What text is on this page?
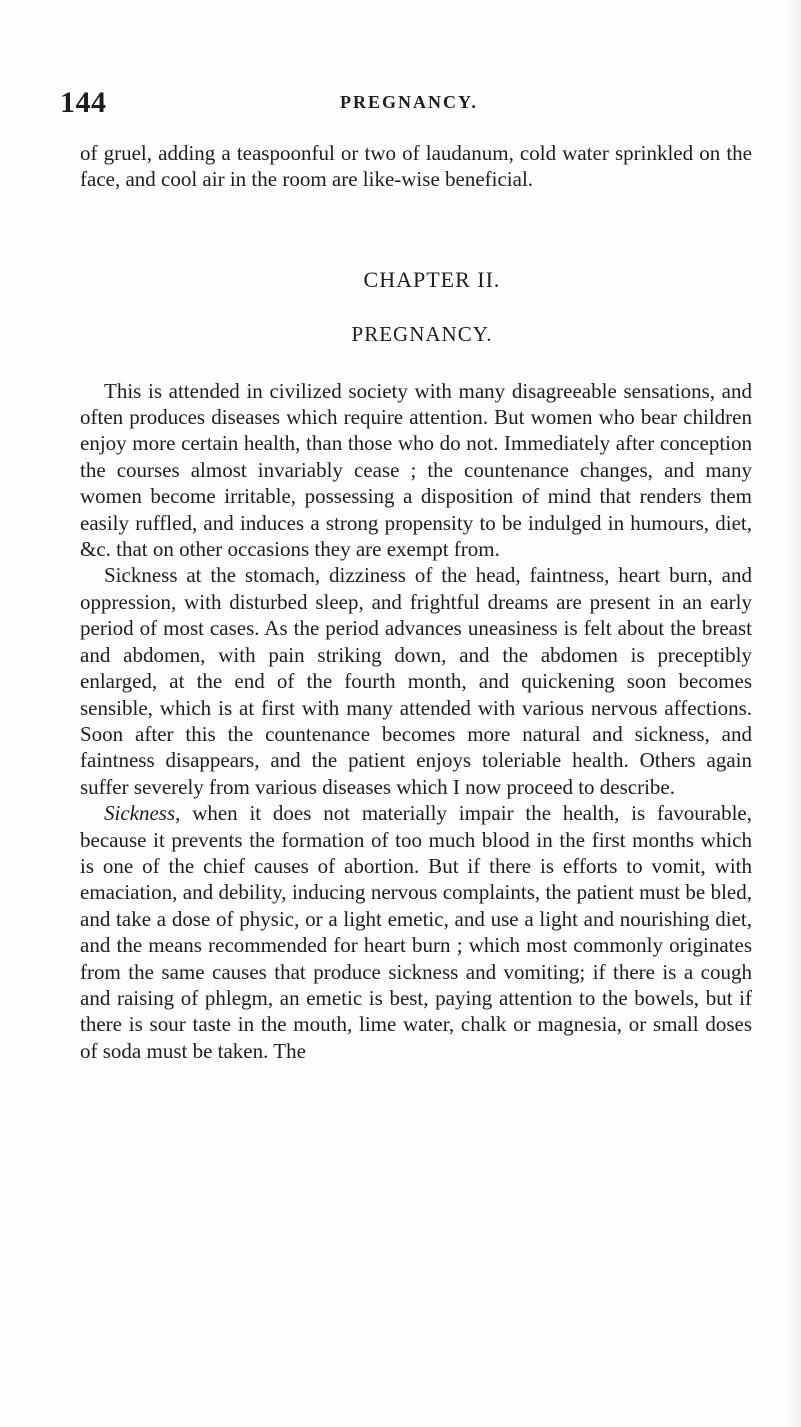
144	PREGNANCY.

of gruel, adding a teaspoonful or two of laudanum, cold water sprinkled on the face, and cool air in the room are like-wise beneficial.

CHAPTER II.
PREGNANCY.

This is attended in civilized society with many disagreeable sensations, and often produces diseases which require attention. But women who bear children enjoy more certain health, than those who do not. Immediately after conception the courses almost invariably cease ; the countenance changes, and many women become irritable, possessing a disposition of mind that renders them easily ruffled, and induces a strong propensity to be indulged in humours, diet, &c. that on other occasions they are exempt from.

Sickness at the stomach, dizziness of the head, faintness, heart burn, and oppression, with disturbed sleep, and frightful dreams are present in an early period of most cases. As the period advances uneasiness is felt about the breast and abdomen, with pain striking down, and the abdomen is preceptibly enlarged, at the end of the fourth month, and quickening soon becomes sensible, which is at first with many attended with various nervous affections. Soon after this the countenance becomes more natural and sickness, and faintness disappears, and the patient enjoys toleriable health. Others again suffer severely from various diseases which I now proceed to describe.

Sickness, when it does not materially impair the health, is favourable, because it prevents the formation of too much blood in the first months which is one of the chief causes of abortion. But if there is efforts to vomit, with emaciation, and debility, inducing nervous complaints, the patient must be bled, and take a dose of physic, or a light emetic, and use a light and nourishing diet, and the means recommended for heart burn ; which most commonly originates from the same causes that produce sickness and vomiting; if there is a cough and raising of phlegm, an emetic is best, paying attention to the bowels, but if there is sour taste in the mouth, lime water, chalk or magnesia, or small doses of soda must be taken. The
